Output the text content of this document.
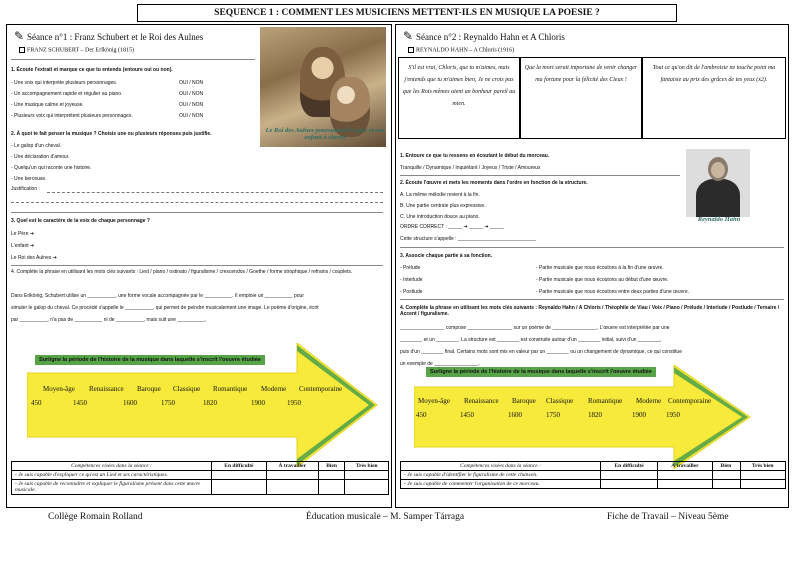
SEQUENCE 1 : COMMENT LES MUSICIENS METTENT-ILS EN MUSIQUE LA POESIE ?
✎ Séance n°1 : Franz Schubert et le Roi des Aulnes
FRANZ SCHUBERT – Der Erlkönig (1815)
1. Écoute l'extrait et marque ce que tu entends (entoure oui ou non).
- Une voix qui interprète plusieurs personnages.	OUI / NON
- Un accompagnement rapide et régulier au piano.	OUI / NON
- Une musique calme et joyeuse.	OUI / NON
- Plusieurs voix qui interprètent plusieurs personnages.	OUI / NON
2. À quoi te fait penser la musique ? Choisis une ou plusieurs réponses puis justifie.
- Le galop d'un cheval.
- Une déclaration d'amour.
- Quelqu'un qui raconte une histoire.
- Une berceuse.
Justification :
3. Quel est le caractère de la voix de chaque personnage ?
Le Père ➔
L'enfant ➔
Le Roi des Aulnes ➔
4. Complète la phrase en utilisant les mots clés suivants : Lied / piano / ostinato / figuralisme / crescendos / Goethe / forme strophique / refrains / couplets.
Dans Erlkönig, Schubert utilise un __________, une forme vocale accompagnée par le __________. Il emploie un __________ pour
simuler le galop du cheval. Ce procédé s'appelle le __________, qui permet de peindre musicalement une image. Le poème d'origine, écrit
par __________, n'a pas de __________ ni de __________, mais suit une __________.
Le Roi des Aulnes poursuivant le père et son enfant à cheval
Surligne la période de l'histoire de la musique dans laquelle s'inscrit l'oeuvre étudiée
Moyen-âge Renaissance Baroque Classique Romantique Moderne Contemporaine
450	1450	1600	1750	1820	1900	1950
Compétences visées dans la séance :	En difficulté	À travailler	Bien	Très bien
- Je suis capable d'expliquer ce qu'est un Lied et ses caractéristiques.				
- Je suis capable de reconnaître et expliquer le figuralisme présent dans cette œuvre musicale.				
✎ Séance n°2 : Reynaldo Hahn et A Chloris
REYNALDO HAHN – A Chloris (1916)
S'il est vrai, Chloris, que tu m'aimes, mais j'entends que tu m'aimes bien, Je ne crois pas que les Rois mêmes aient un bonheur pareil au mien.
Que la mort serait importune de venir changer ma fortune pour la félicité des Cieux !
Tout ce qu'on dit de l'ambroisie ne touche point ma fantaisie au prix des grâces de tes yeux (x2).
1. Entoure ce que tu ressens en écoutant le début du morceau.
Tranquille / Dynamique / Inquiétant / Joyeux / Triste / Amoureux
2. Écoute l'œuvre et mets les moments dans l'ordre en fonction de la structure.
A. La même mélodie revient à la fin.
B. Une partie centrale plus expressive.
C. Une introduction douce au piano.
ORDRE CORRECT : _____ ➔ _____ ➔ _____
Cette structure s'appelle : ____________________________
Reynaldo Hahn
3. Associe chaque partie à sa fonction.
- Prélude	- Partie musicale que nous écoutons à la fin d'une œuvre.
- Interlude	- Partie musicale que nous écoutons au début d'une œuvre.
- Postlude	- Partie musicale que nous écoutons entre deux parties d'une œuvre.
4. Complète la phrase en utilisant les mots clés suivants : Reynaldo Hahn / A Chloris / Théophile de Viau / Voix / Piano / Prélude / Interlude / Postlude / Ternaire / Accent / figuralisme.
________________ compose ________________ sur un poème de ________________. L'œuvre est interprétée par une
________ et un ________. La structure est ________ est construite autour d'un ________ initial, suivi d'un ________,
puis d'un ________ final. Certains mots sont mis en valeur par un ________ ou un changement de dynamique, ce qui constitue
un exemple de ________________.
Surligne la période de l'histoire de la musique dans laquelle s'inscrit l'oeuvre étudiée
Moyen-âge Renaissance Baroque Classique Romantique Moderne Contemporaine
450	1450	1600	1750	1820	1900	1950
Compétences visées dans la séance :	En difficulté	À travailler	Bien	Très bien
- Je suis capable d'identifier le figuralisme de cette chanson.				
- Je suis capable de commenter l'organisation de ce morceau.				
Collège Romain Rolland	Éducation musicale – M. Samper Tárraga	Fiche de Travail – Niveau 5ème
